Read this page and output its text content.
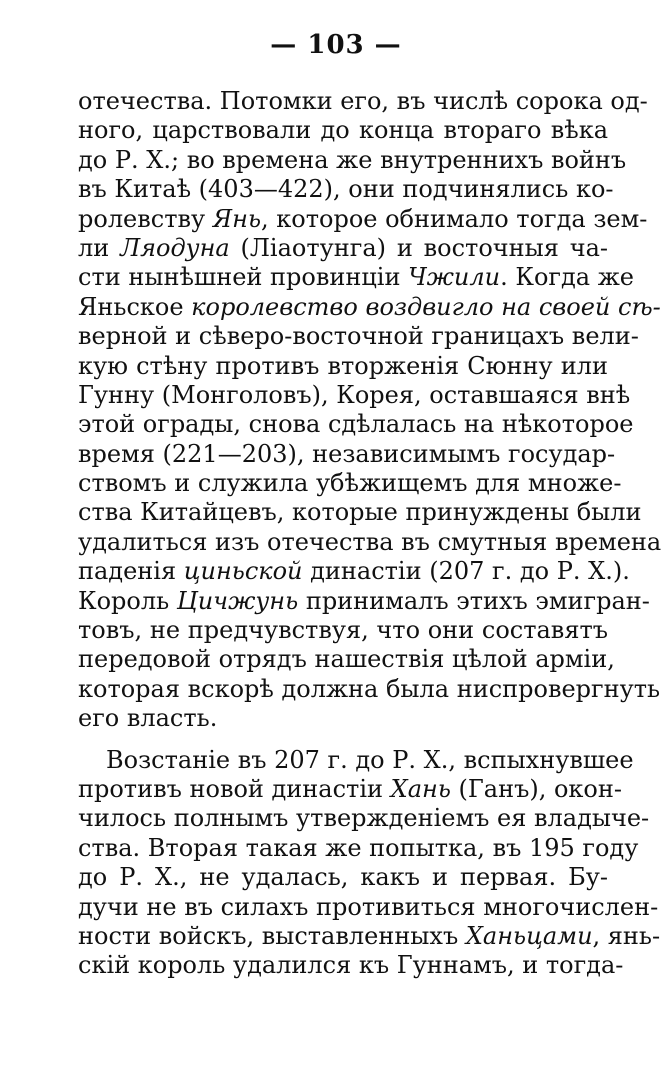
— 103 —
отечества. Потомки его, въ числѣ сорока од-
ного, царствовали до конца втораго вѣка
до Р. Х.; во времена же внутреннихъ войнъ
въ Китаѣ (403—422), они подчинялись ко-
ролевству Янь, которое обнимало тогда зем-
ли Ляодуна (Ліаотунга) и восточныя ча-
сти нынѣшней провинціи Чжили. Когда же
Яньское королевство воздвигло на своей сѣ-
верной и сѣверо-восточной границахъ вели-
кую стѣну противъ вторженія Сюнну или
Гунну (Монголовъ), Корея, оставшаяся внѣ
этой ограды, снова сдѣлалась на нѣкоторое
время (221—203), независимымъ государ-
ствомъ и служила убѣжищемъ для множе-
ства Китайцевъ, которые принуждены были
удалиться изъ отечества въ смутныя времена
паденія циньской династіи (207 г. до Р. Х.).
Король Цичжунь принималъ этихъ эмигран-
товъ, не предчувствуя, что они составятъ
передовой отрядъ нашествія цѣлой арміи,
которая вскорѣ должна была ниспровергнуть
его власть.
Возстаніе въ 207 г. до Р. Х., вспыхнувшее
противъ новой династіи Хань (Ганъ), окон-
чилось полнымъ утвержденіемъ ея владыче-
ства. Вторая такая же попытка, въ 195 году
до Р. Х., не удалась, какъ и первая. Бу-
дучи не въ силахъ противиться многочислен-
ности войскъ, выставленныхъ Ханьцами, янь-
скій король удалился къ Гуннамъ, и тогда-
